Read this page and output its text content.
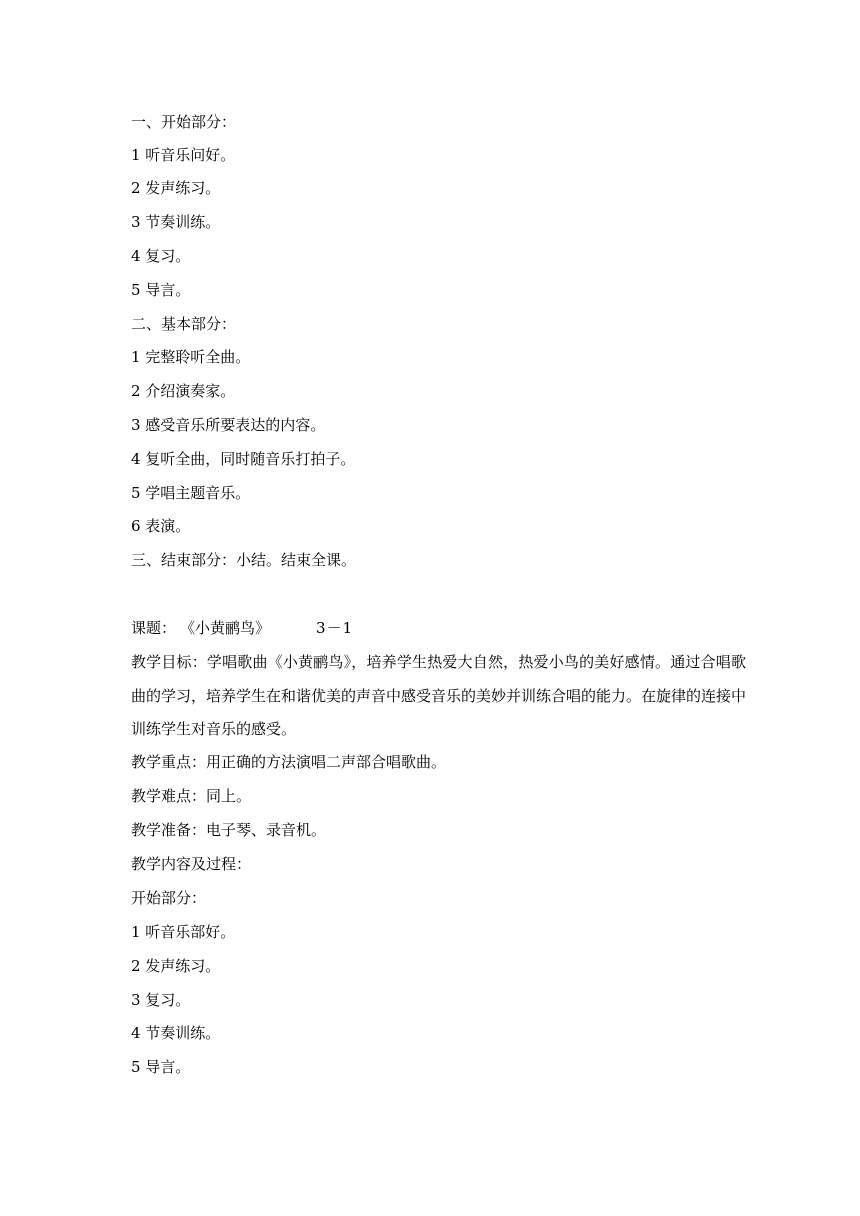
一、开始部分：
1 听音乐问好。
2 发声练习。
3 节奏训练。
4 复习。
5 导言。
二、基本部分：
1 完整聆听全曲。
2 介绍演奏家。
3 感受音乐所要表达的内容。
4 复听全曲，同时随音乐打拍子。
5 学唱主题音乐。
6 表演。
三、结束部分：小结。结束全课。
课题： 《小黄鹂鸟》	3－1
教学目标：学唱歌曲《小黄鹂鸟》，培养学生热爱大自然，热爱小鸟的美好感情。通过合唱歌曲的学习，培养学生在和谐优美的声音中感受音乐的美妙并训练合唱的能力。在旋律的连接中训练学生对音乐的感受。
教学重点：用正确的方法演唱二声部合唱歌曲。
教学难点：同上。
教学准备：电子琴、录音机。
教学内容及过程：
开始部分：
1 听音乐部好。
2 发声练习。
3 复习。
4 节奏训练。
5 导言。
